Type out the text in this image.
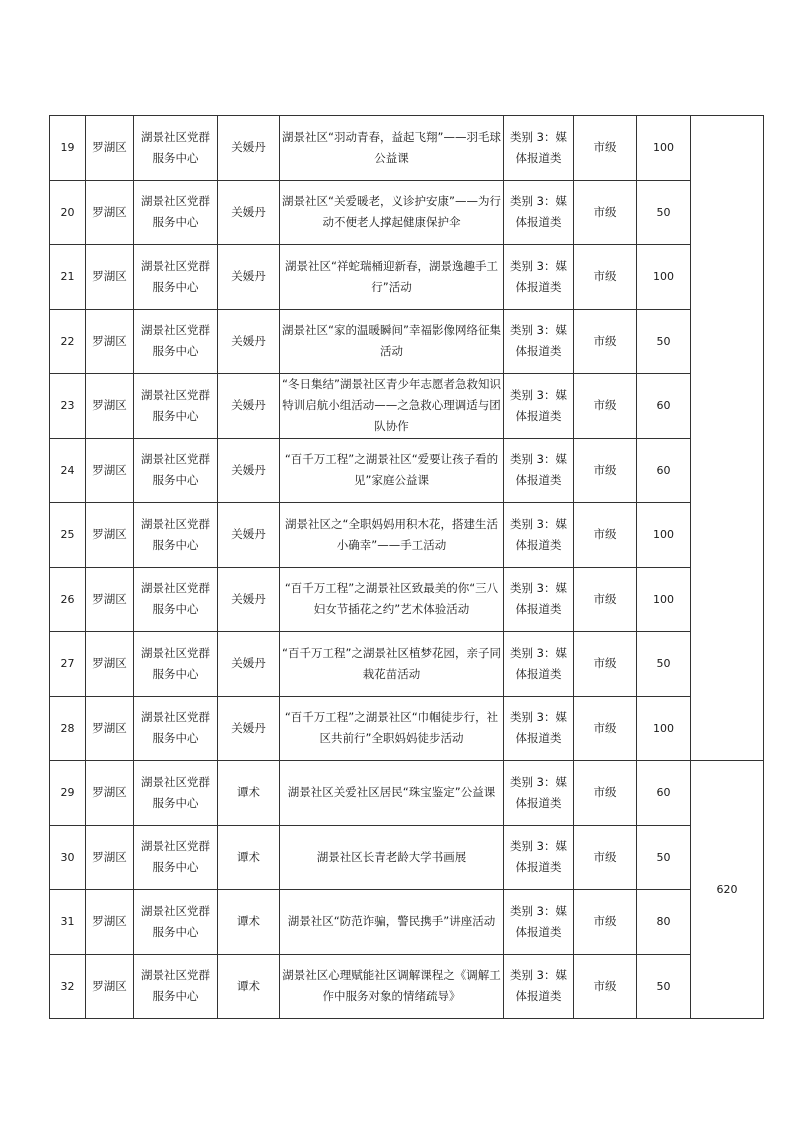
19	罗湖区	湖景社区党群服务中心	关媛丹	湖景社区“羽动青春，益起飞翔”——羽毛球公益课	类别 3：媒体报道类	市级	100	
20	罗湖区	湖景社区党群服务中心	关媛丹	湖景社区“关爱暖老，义诊护安康”——为行动不便老人撑起健康保护伞	类别 3：媒体报道类	市级	50	
21	罗湖区	湖景社区党群服务中心	关媛丹	湖景社区“祥蛇瑞桶迎新春，湖景逸趣手工行”活动	类别 3：媒体报道类	市级	100	
22	罗湖区	湖景社区党群服务中心	关媛丹	湖景社区“家的温暖瞬间”幸福影像网络征集活动	类别 3：媒体报道类	市级	50	
23	罗湖区	湖景社区党群服务中心	关媛丹	“冬日集结”湖景社区青少年志愿者急救知识特训启航小组活动——之急救心理调适与团队协作	类别 3：媒体报道类	市级	60	
24	罗湖区	湖景社区党群服务中心	关媛丹	“百千万工程”之湖景社区“爱要让孩子看的见”家庭公益课	类别 3：媒体报道类	市级	60	
25	罗湖区	湖景社区党群服务中心	关媛丹	湖景社区之“全职妈妈用积木花，搭建生活小确幸”——手工活动	类别 3：媒体报道类	市级	100	
26	罗湖区	湖景社区党群服务中心	关媛丹	“百千万工程”之湖景社区致最美的你“三八妇女节插花之约”艺术体验活动	类别 3：媒体报道类	市级	100	
27	罗湖区	湖景社区党群服务中心	关媛丹	“百千万工程”之湖景社区植梦花园，亲子同栽花苗活动	类别 3：媒体报道类	市级	50	
28	罗湖区	湖景社区党群服务中心	关媛丹	“百千万工程”之湖景社区“巾帼徒步行，社区共前行”全职妈妈徒步活动	类别 3：媒体报道类	市级	100	
29	罗湖区	湖景社区党群服务中心	谭术	湖景社区关爱社区居民“珠宝鉴定”公益课	类别 3：媒体报道类	市级	60	620
30	罗湖区	湖景社区党群服务中心	谭术	湖景社区长青老龄大学书画展	类别 3：媒体报道类	市级	50	
31	罗湖区	湖景社区党群服务中心	谭术	湖景社区“防范诈骗，警民携手”讲座活动	类别 3：媒体报道类	市级	80	
32	罗湖区	湖景社区党群服务中心	谭术	湖景社区心理赋能社区调解课程之《调解工作中服务对象的情绪疏导》	类别 3：媒体报道类	市级	50	
